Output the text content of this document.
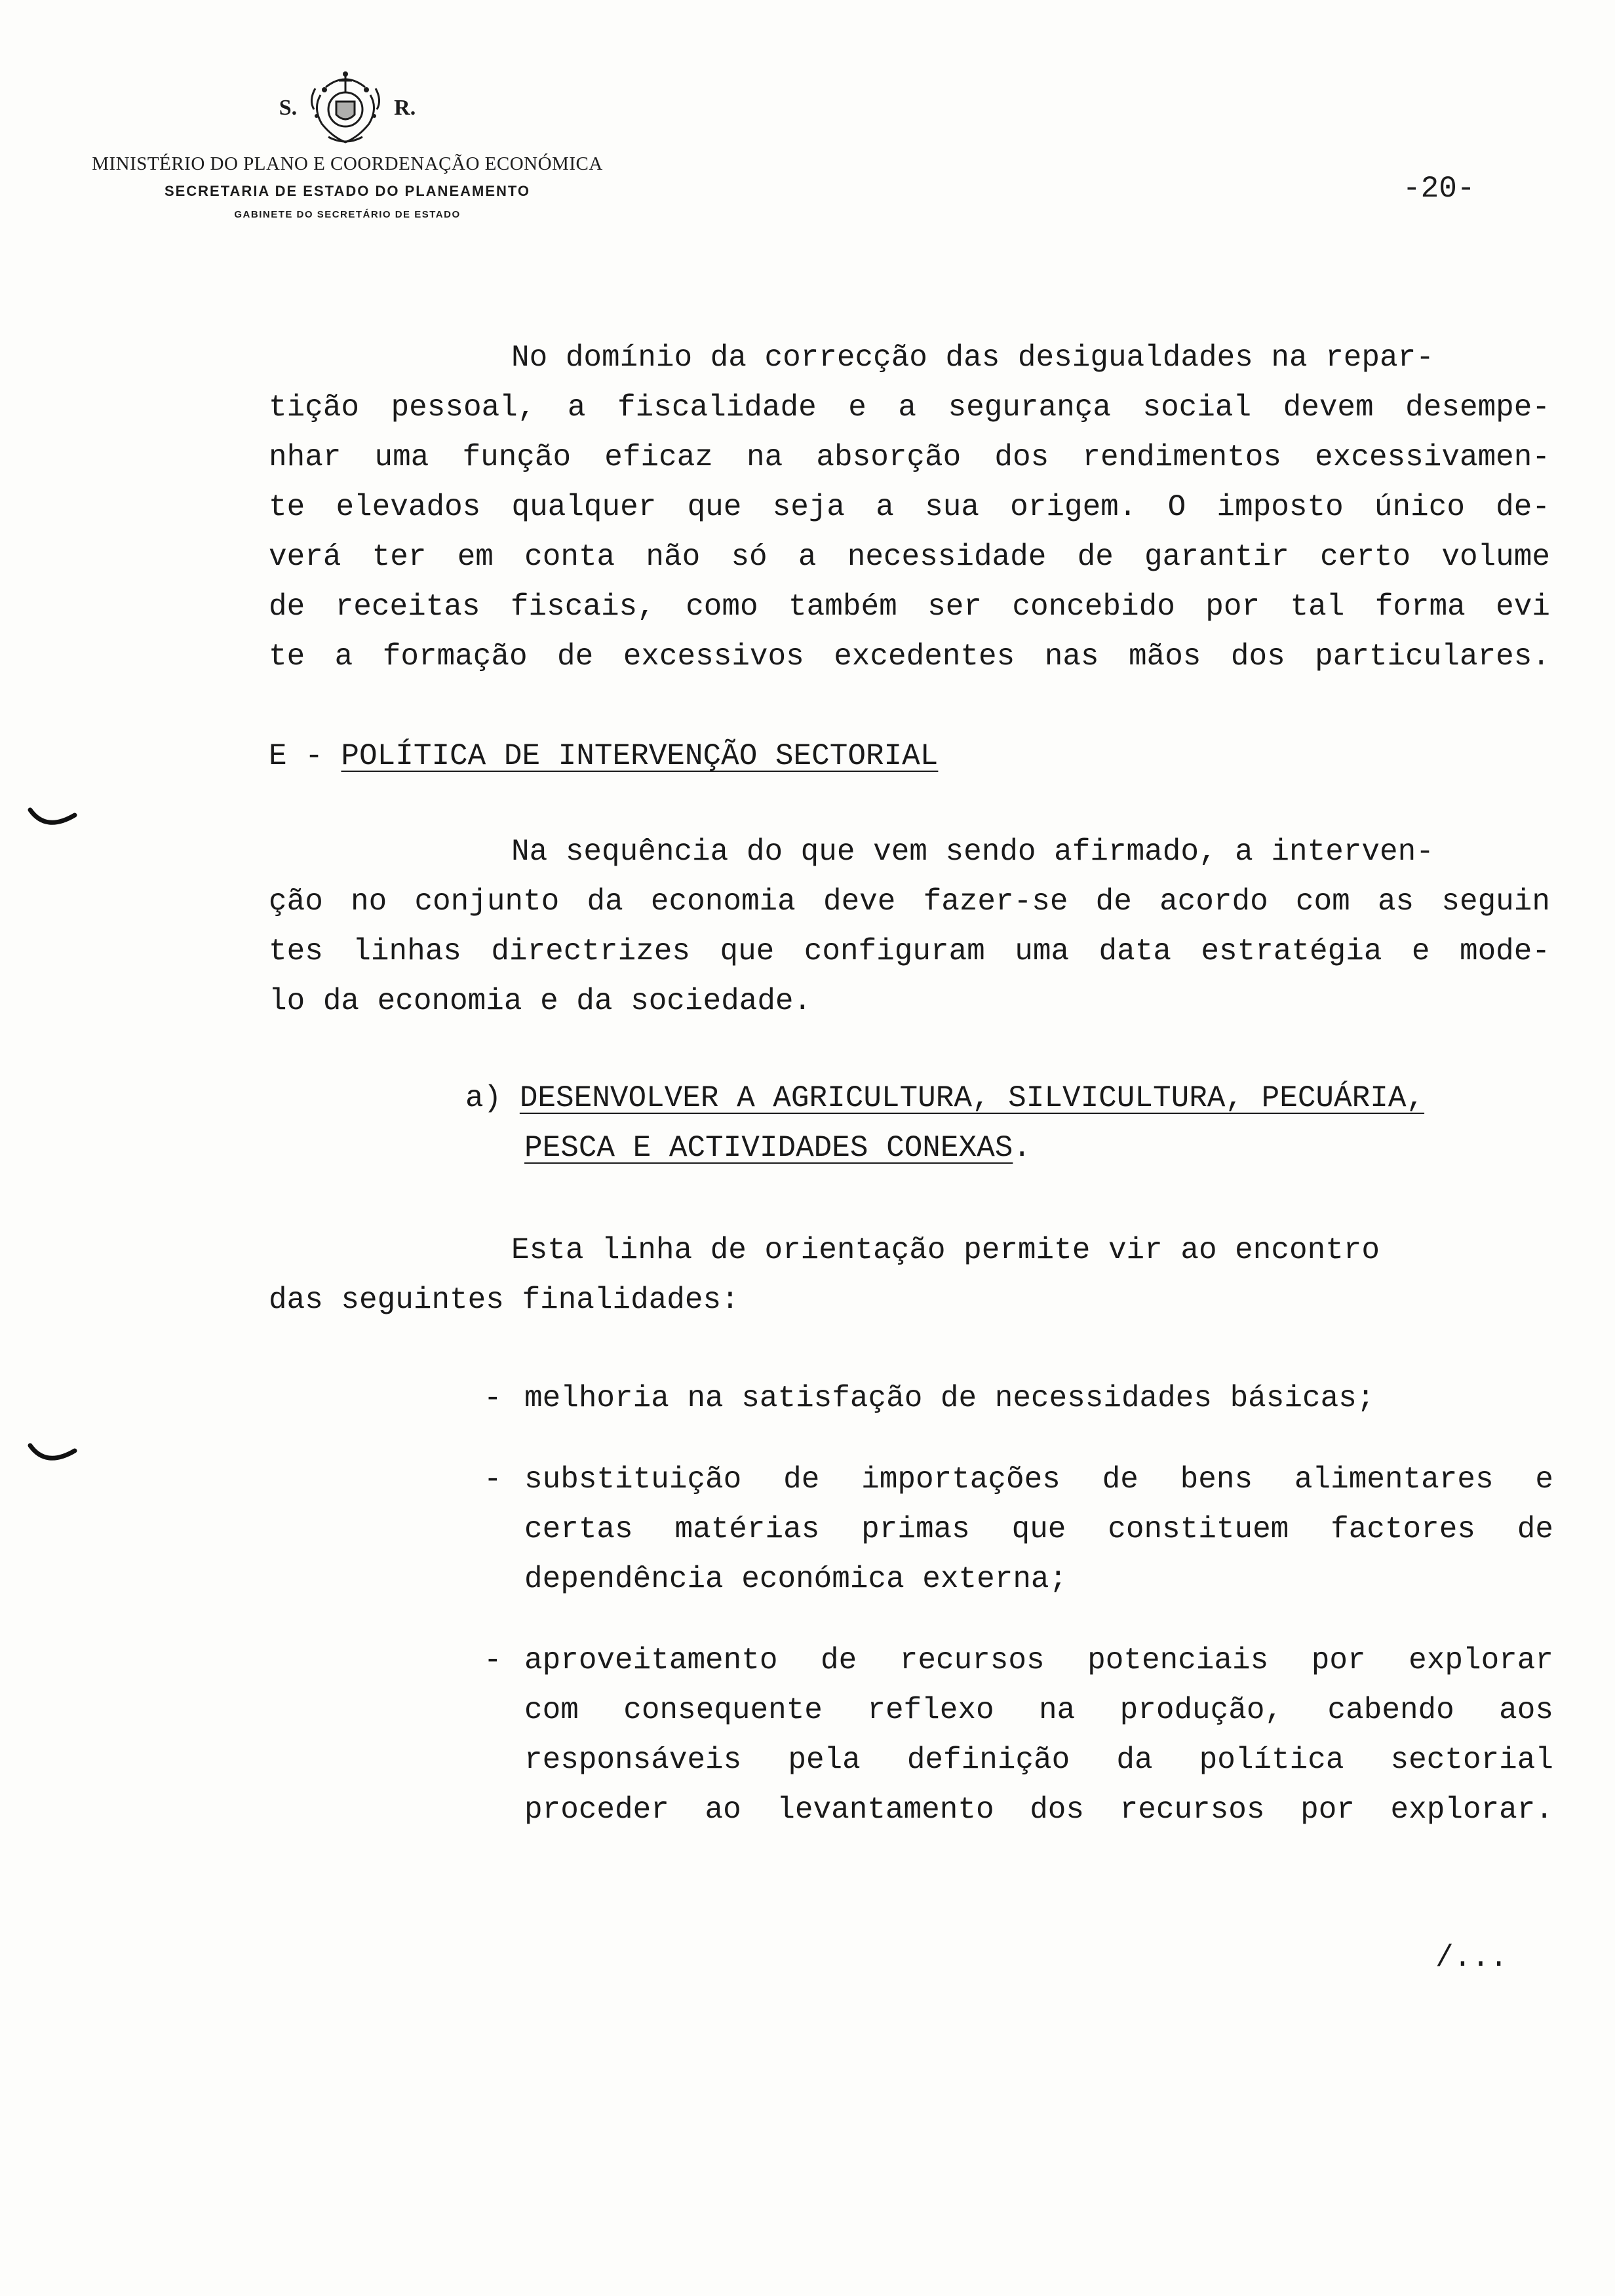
S.	R.
MINISTÉRIO DO PLANO E COORDENAÇÃO ECONÓMICA
SECRETARIA DE ESTADO DO PLANEAMENTO
GABINETE DO SECRETÁRIO DE ESTADO
-20-
No domínio da correcção das desigualdades na repar-
tição pessoal, a fiscalidade e a segurança social devem desempe-
nhar uma função eficaz na absorção dos rendimentos excessivamen-
te elevados qualquer que seja a sua origem. O imposto único de-
verá ter em conta não só a necessidade de garantir certo volume
de receitas fiscais, como também ser concebido por tal forma evi
te a formação de excessivos excedentes nas mãos dos particulares.
E - POLÍTICA DE INTERVENÇÃO SECTORIAL
Na sequência do que vem sendo afirmado, a interven-
ção no conjunto da economia deve fazer-se de acordo com as seguin
tes linhas directrizes que configuram uma data estratégia e mode-
lo da economia e da sociedade.
a) DESENVOLVER A AGRICULTURA, SILVICULTURA, PECUÁRIA,
PESCA E ACTIVIDADES CONEXAS.
Esta linha de orientação permite vir ao encontro
das seguintes finalidades:
- melhoria na satisfação de necessidades básicas;
- substituição de importações de bens alimentares e
certas matérias primas que constituem factores de
dependência económica externa;
- aproveitamento de recursos potenciais por explorar
com consequente reflexo na produção, cabendo aos
responsáveis pela definição da política sectorial
proceder ao levantamento dos recursos por explorar.
/...
